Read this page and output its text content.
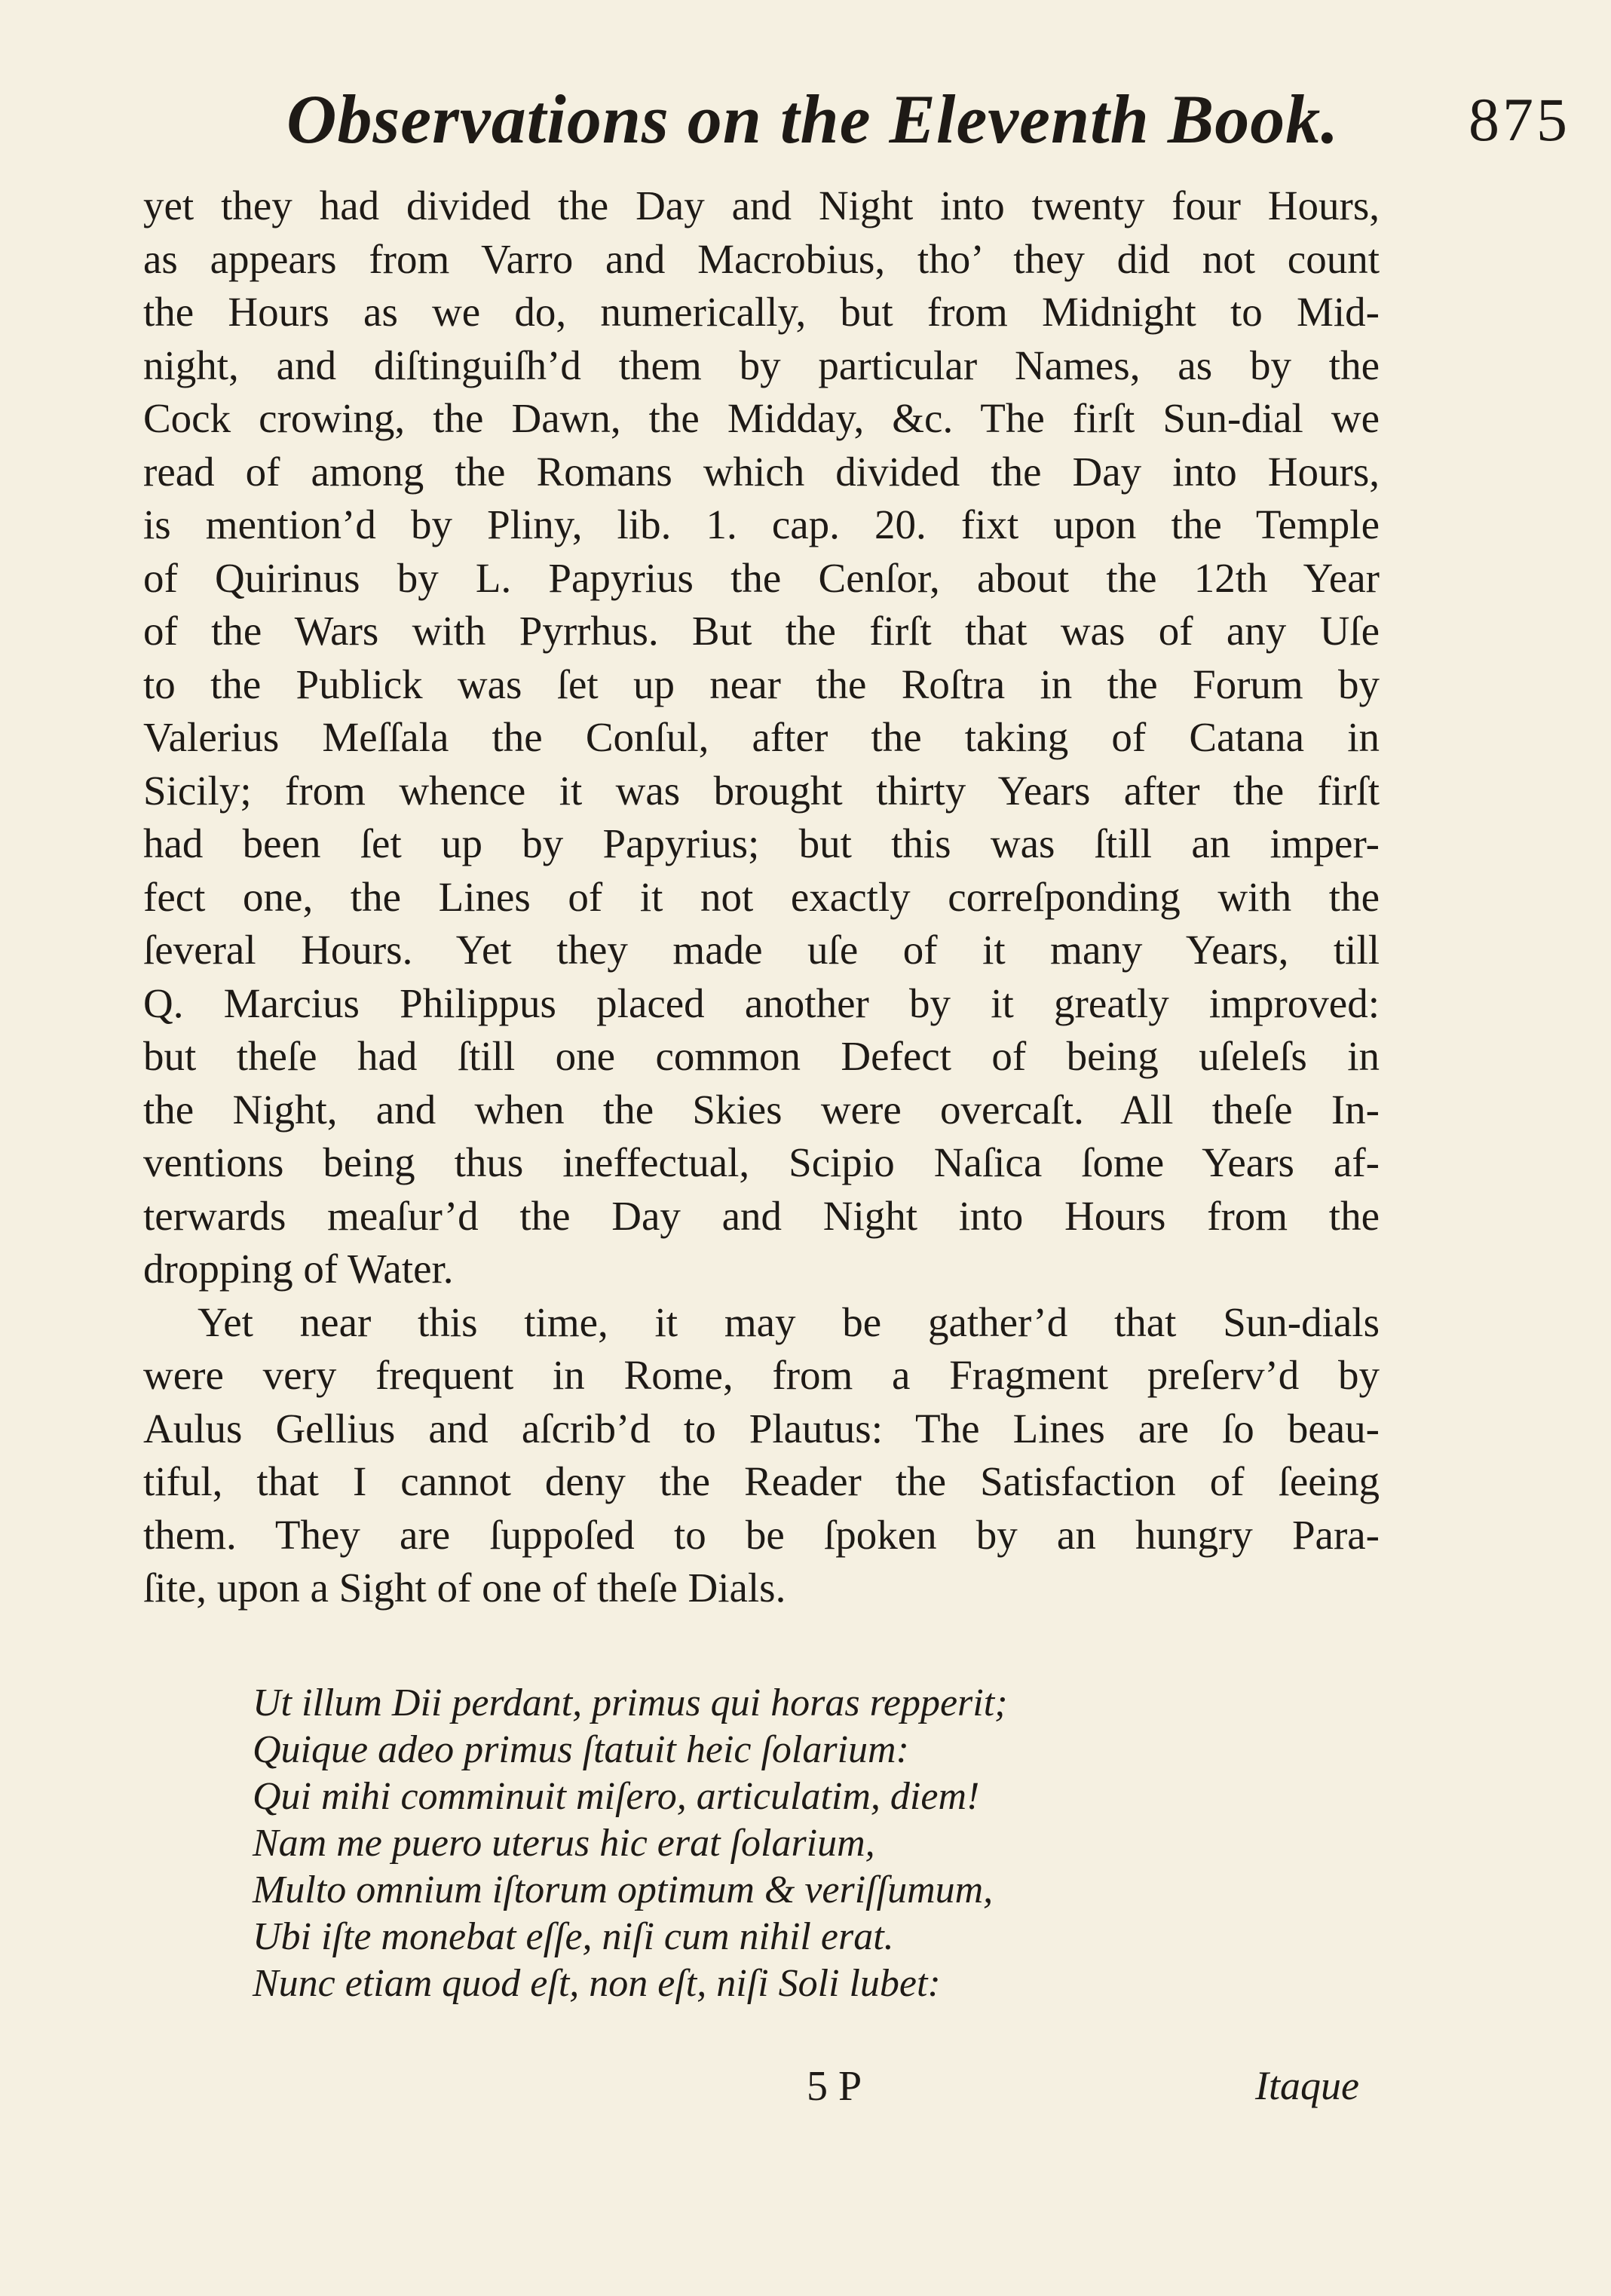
Observations on the Eleventh Book. 875
yet they had divided the Day and Night into twenty four Hours,
as appears from Varro and Macrobius, tho’ they did not count
the Hours as we do, numerically, but from Midnight to Mid-
night, and diſtinguiſh’d them by particular Names, as by the
Cock crowing, the Dawn, the Midday, &c. The firſt Sun-dial we
read of among the Romans which divided the Day into Hours,
is mention’d by Pliny, lib. 1. cap. 20. fixt upon the Temple
of Quirinus by L. Papyrius the Cenſor, about the 12th Year
of the Wars with Pyrrhus. But the firſt that was of any Uſe
to the Publick was ſet up near the Roſtra in the Forum by
Valerius Meſſala the Conſul, after the taking of Catana in
Sicily; from whence it was brought thirty Years after the firſt
had been ſet up by Papyrius; but this was ſtill an imper-
fect one, the Lines of it not exactly correſponding with the
ſeveral Hours. Yet they made uſe of it many Years, till
Q. Marcius Philippus placed another by it greatly improved:
but theſe had ſtill one common Defect of being uſeleſs in
the Night, and when the Skies were overcaſt. All theſe In-
ventions being thus ineffectual, Scipio Naſica ſome Years af-
terwards meaſur’d the Day and Night into Hours from the
dropping of Water.
Yet near this time, it may be gather’d that Sun-dials
were very frequent in Rome, from a Fragment preſerv’d by
Aulus Gellius and aſcrib’d to Plautus: The Lines are ſo beau-
tiful, that I cannot deny the Reader the Satisfaction of ſeeing
them. They are ſuppoſed to be ſpoken by an hungry Para-
ſite, upon a Sight of one of theſe Dials.
Ut illum Dii perdant, primus qui horas repperit;
Quique adeo primus ſtatuit heic ſolarium:
Qui mihi comminuit miſero, articulatim, diem!
Nam me puero uterus hic erat ſolarium,
Multo omnium iſtorum optimum & veriſſumum,
Ubi iſte monebat eſſe, niſi cum nihil erat.
Nunc etiam quod eſt, non eſt, niſi Soli lubet:
5 P	Itaque
